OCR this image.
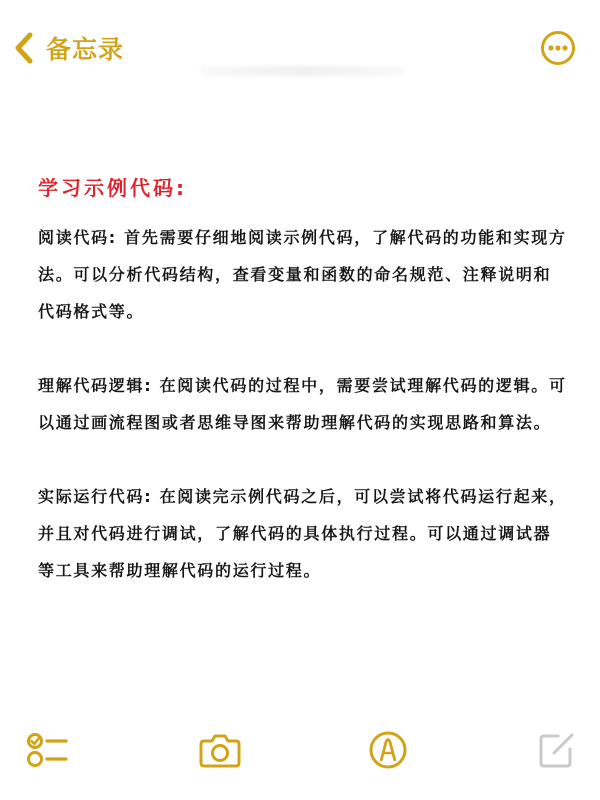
备忘录

学习示例代码:

阅读代码: 首先需要仔细地阅读示例代码，了解代码的功能和实现方法。可以分析代码结构，查看变量和函数的命名规范、注释说明和代码格式等。

理解代码逻辑: 在阅读代码的过程中，需要尝试理解代码的逻辑。可以通过画流程图或者思维导图来帮助理解代码的实现思路和算法。

实际运行代码: 在阅读完示例代码之后，可以尝试将代码运行起来，并且对代码进行调试，了解代码的具体执行过程。可以通过调试器等工具来帮助理解代码的运行过程。
